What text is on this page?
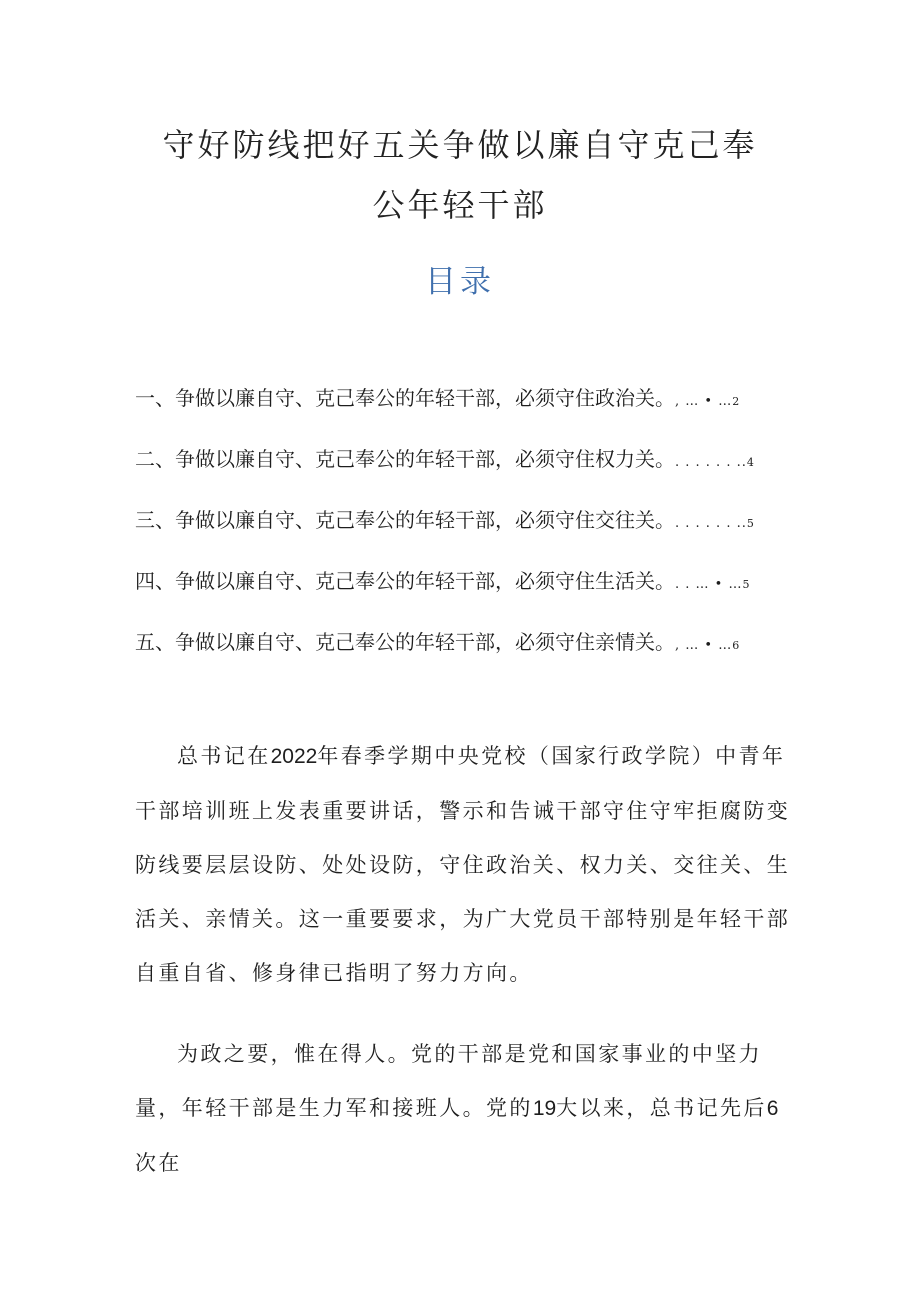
守好防线把好五关争做以廉自守克己奉
公年轻干部
目录
一、争做以廉自守、克己奉公的年轻干部，必须守住政治关。, … • …2
二、争做以廉自守、克己奉公的年轻干部，必须守住权力关。. . . . . . ..4
三、争做以廉自守、克己奉公的年轻干部，必须守住交往关。. . . . . . ..5
四、争做以廉自守、克己奉公的年轻干部，必须守住生活关。. . … • …5
五、争做以廉自守、克己奉公的年轻干部，必须守住亲情关。, … • …6

总书记在2022年春季学期中央党校（国家行政学院）中青年干部培训班上发表重要讲话，警示和告诫干部守住守牢拒腐防变防线要层层设防、处处设防，守住政治关、权力关、交往关、生活关、亲情关。这一重要要求，为广大党员干部特别是年轻干部自重自省、修身律已指明了努力方向。

为政之要，惟在得人。党的干部是党和国家事业的中坚力量，年轻干部是生力军和接班人。党的19大以来，总书记先后6次在
